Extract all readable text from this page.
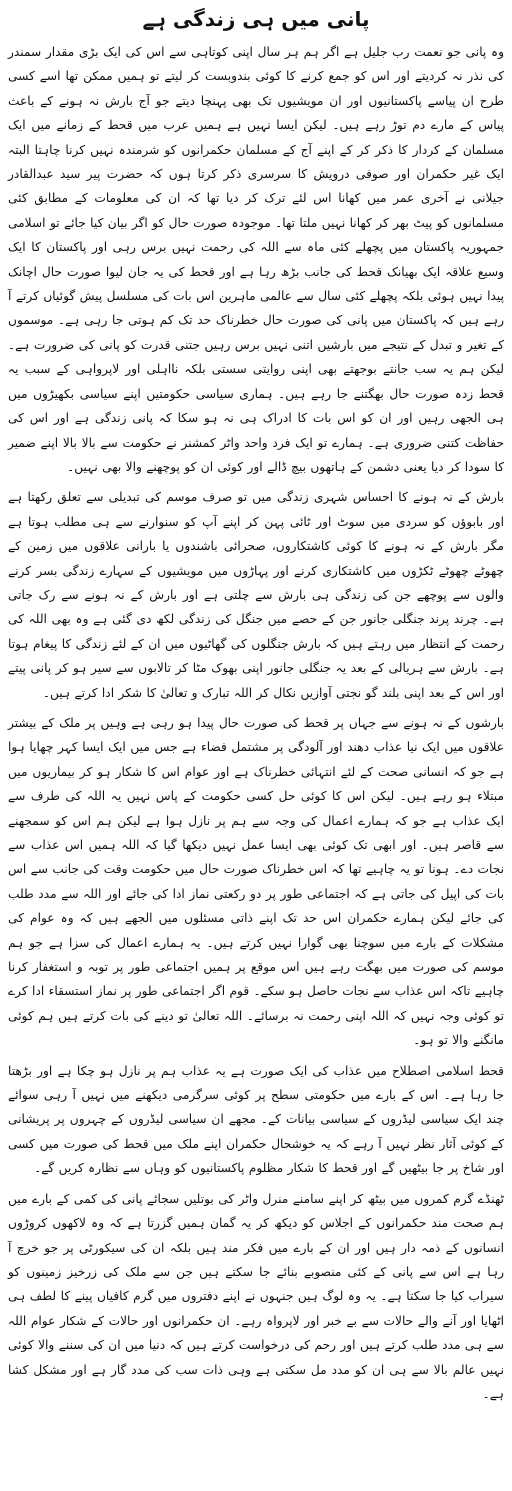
پانی میں ہی زندگی ہے
وہ پانی جو نعمت رب جلیل ہے اگر ہم ہر سال اپنی کوتاہی سے اس کی ایک بڑی مقدار سمندر کی نذر نہ کردیتے اور اس کو جمع کرنے کا کوئی بندوبست کر لیتے تو ہمیں ممکن تھا اسے کسی طرح ان پیاسے پاکستانیوں اور ان مویشیوں تک بھی پہنچا دیتے جو آج بارش نہ ہونے کے باعث پیاس کے مارے دم توڑ رہے ہیں۔ لیکن ایسا نہیں ہے ہمیں عرب میں قحط کے زمانے میں ایک مسلمان کے کردار کا ذکر کر کے اپنے آج کے مسلمان حکمرانوں کو شرمندہ نہیں کرنا چاہتا البتہ ایک غیر حکمران اور صوفی درویش کا سرسری ذکر کرتا ہوں کہ حضرت پیر سید عبدالقادر جیلانی نے آخری عمر میں کھانا اس لئے ترک کر دیا تھا کہ ان کی معلومات کے مطابق کئی مسلمانوں کو پیٹ بھر کر کھانا نہیں ملتا تھا۔ موجودہ صورت حال کو اگر بیان کیا جائے تو اسلامی جمہوریہ پاکستان میں پچھلے کئی ماہ سے اللہ کی رحمت نہیں برس رہی اور پاکستان کا ایک وسیع علاقہ ایک بھیانک قحط کی جانب بڑھ رہا ہے اور قحط کی یہ جان لیوا صورت حال اچانک پیدا نہیں ہوئی بلکہ پچھلے کئی سال سے عالمی ماہرین اس بات کی مسلسل پیش گوئیاں کرتے آ رہے ہیں کہ پاکستان میں پانی کی صورت حال خطرناک حد تک کم ہوتی جا رہی ہے۔ موسموں کے تغیر و تبدل کے نتیجے میں بارشیں اتنی نہیں برس رہیں جتنی قدرت کو پانی کی ضرورت ہے۔ لیکن ہم یہ سب جانتے بوجھتے بھی اپنی روایتی سستی بلکہ نااہلی اور لاپرواہی کے سبب یہ قحط زدہ صورت حال بھگتنے جا رہے ہیں۔ ہماری سیاسی حکومتیں اپنے سیاسی بکھیڑوں میں ہی الجھی رہیں اور ان کو اس بات کا ادراک ہی نہ ہو سکا کہ پانی زندگی ہے اور اس کی حفاظت کتنی ضروری ہے۔ ہمارے تو ایک فرد واحد واٹر کمشنر نے حکومت سے بالا بالا اپنے ضمیر کا سودا کر دیا یعنی دشمن کے ہاتھوں بیچ ڈالے اور کوئی ان کو پوچھنے والا بھی نہیں۔
بارش کے نہ ہونے کا احساس شہری زندگی میں تو صرف موسم کی تبدیلی سے تعلق رکھتا ہے اور بابوؤں کو سردی میں سوٹ اور ٹائی پہن کر اپنے آپ کو سنوارنے سے ہی مطلب ہوتا ہے مگر بارش کے نہ ہونے کا کوئی کاشتکاروں، صحرائی باشندوں یا بارانی علاقوں میں زمین کے چھوٹے چھوٹے ٹکڑوں میں کاشتکاری کرنے اور پہاڑوں میں مویشیوں کے سہارے زندگی بسر کرنے والوں سے پوچھے جن کی زندگی ہی بارش سے چلتی ہے اور بارش کے نہ ہونے سے رک جاتی ہے۔ چرند پرند جنگلی جانور جن کے حصے میں جنگل کی زندگی لکھ دی گئی ہے وہ بھی اللہ کی رحمت کے انتظار میں رہتے ہیں کہ بارش جنگلوں کی گھاٹیوں میں ان کے لئے زندگی کا پیغام ہوتا ہے۔ بارش سے ہریالی کے بعد یہ جنگلی جانور اپنی بھوک مٹا کر تالابوں سے سیر ہو کر پانی پیتے اور اس کے بعد اپنی بلند گو نجتی آوازیں نکال کر اللہ تبارک و تعالیٰ کا شکر ادا کرتے ہیں۔
بارشوں کے نہ ہونے سے جہاں پر قحط کی صورت حال پیدا ہو رہی ہے وہیں پر ملک کے بیشتر علاقوں میں ایک نیا عذاب دھند اور آلودگی پر مشتمل فضاء ہے جس میں ایک ایسا کہر چھایا ہوا ہے جو کہ انسانی صحت کے لئے انتہائی خطرناک ہے اور عوام اس کا شکار ہو کر بیماریوں میں مبتلاء ہو رہے ہیں۔ لیکن اس کا کوئی حل کسی حکومت کے پاس نہیں یہ اللہ کی طرف سے ایک عذاب ہے جو کہ ہمارے اعمال کی وجہ سے ہم پر نازل ہوا ہے لیکن ہم اس کو سمجھنے سے قاصر ہیں۔ اور ابھی تک کوئی بھی ایسا عمل نہیں دیکھا گیا کہ اللہ ہمیں اس عذاب سے نجات دے۔ ہونا تو یہ چاہیے تھا کہ اس خطرناک صورت حال میں حکومت وقت کی جانب سے اس بات کی اپیل کی جاتی ہے کہ اجتماعی طور پر دو رکعتی نماز ادا کی جائے اور اللہ سے مدد طلب کی جائے لیکن ہمارے حکمران اس حد تک اپنے ذاتی مسئلوں میں الجھے ہیں کہ وہ عوام کی مشکلات کے بارے میں سوچنا بھی گوارا نہیں کرتے ہیں۔ یہ ہمارے اعمال کی سزا ہے جو ہم موسم کی صورت میں بھگت رہے ہیں اس موقع پر ہمیں اجتماعی طور پر توبہ و استغفار کرنا چاہیے تاکہ اس عذاب سے نجات حاصل ہو سکے۔ قوم اگر اجتماعی طور پر نماز استسقاء ادا کرے تو کوئی وجہ نہیں کہ اللہ اپنی رحمت نہ برسائے۔ اللہ تعالیٰ تو دینے کی بات کرتے ہیں ہم کوئی مانگنے والا تو ہو۔
قحط اسلامی اصطلاح میں عذاب کی ایک صورت ہے یہ عذاب ہم پر نازل ہو چکا ہے اور بڑھتا جا رہا ہے۔ اس کے بارے میں حکومتی سطح پر کوئی سرگرمی دیکھنے میں نہیں آ رہی سوائے چند ایک سیاسی لیڈروں کے سیاسی بیانات کے۔ مجھے ان سیاسی لیڈروں کے چہروں پر پریشانی کے کوئی آثار نظر نہیں آ رہے کہ یہ خوشحال حکمران اپنے ملک میں قحط کی صورت میں کسی اور شاخ پر جا بیٹھیں گے اور قحط کا شکار مظلوم پاکستانیوں کو وہاں سے نظارہ کریں گے۔
ٹھنڈے گرم کمروں میں بیٹھ کر اپنے سامنے منرل واٹر کی بوتلیں سجائے پانی کی کمی کے بارے میں ہم صحت مند حکمرانوں کے اجلاس کو دیکھ کر یہ گمان ہمیں گزرتا ہے کہ وہ لاکھوں کروڑوں انسانوں کے ذمہ دار ہیں اور ان کے بارے میں فکر مند ہیں بلکہ ان کی سیکورٹی پر جو خرچ آ رہا ہے اس سے پانی کے کئی منصوبے بنائے جا سکتے ہیں جن سے ملک کی زرخیز زمینوں کو سیراب کیا جا سکتا ہے۔ یہ وہ لوگ ہیں جنہوں نے اپنے دفتروں میں گرم کافیاں پینے کا لطف ہی اٹھایا اور آنے والے حالات سے بے خبر اور لاپرواہ رہے۔ ان حکمرانوں اور حالات کے شکار عوام اللہ سے ہی مدد طلب کرتے ہیں اور رحم کی درخواست کرتے ہیں کہ دنیا میں ان کی سننے والا کوئی نہیں عالم بالا سے ہی ان کو مدد مل سکتی ہے وہی ذات سب کی مدد گار ہے اور مشکل کشا ہے۔
